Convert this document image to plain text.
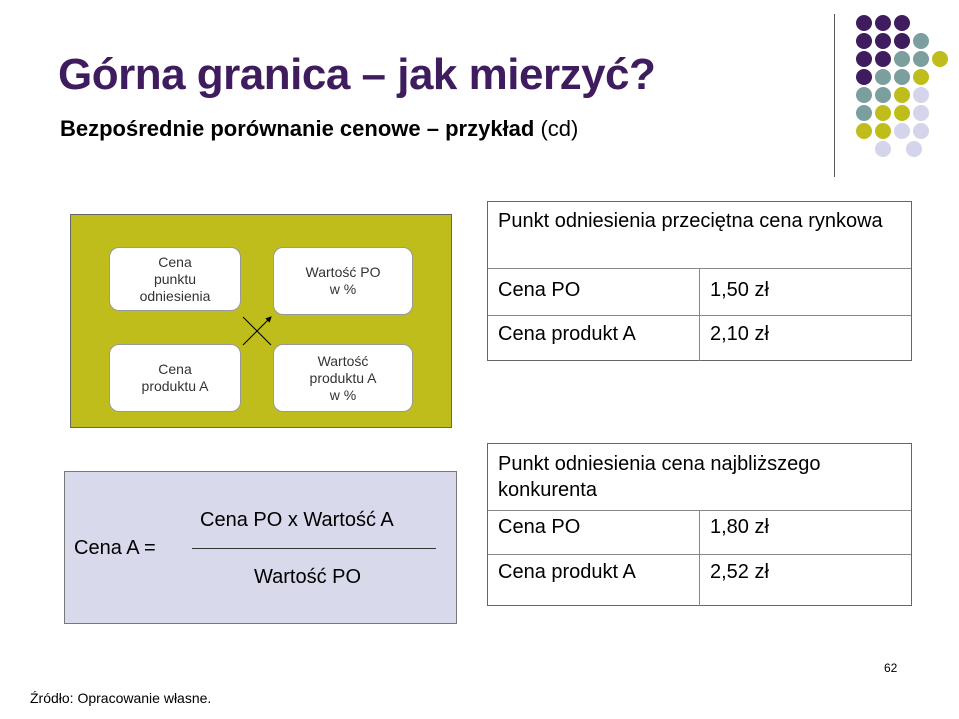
Górna granica – jak mierzyć?
Bezpośrednie porównanie cenowe – przykład (cd)
Cena
punktu
odniesienia
Wartość PO
w %
Cena
produktu A
Wartość
produktu A
w %
Cena A =
Cena PO x Wartość A
Wartość PO
Punkt odniesienia przeciętna cena rynkowa
Cena PO	1,50 zł
Cena produkt A	2,10 zł
Punkt odniesienia cena najbliższego konkurenta
Cena PO	1,80 zł
Cena produkt A	2,52 zł
62
Źródło: Opracowanie własne.
